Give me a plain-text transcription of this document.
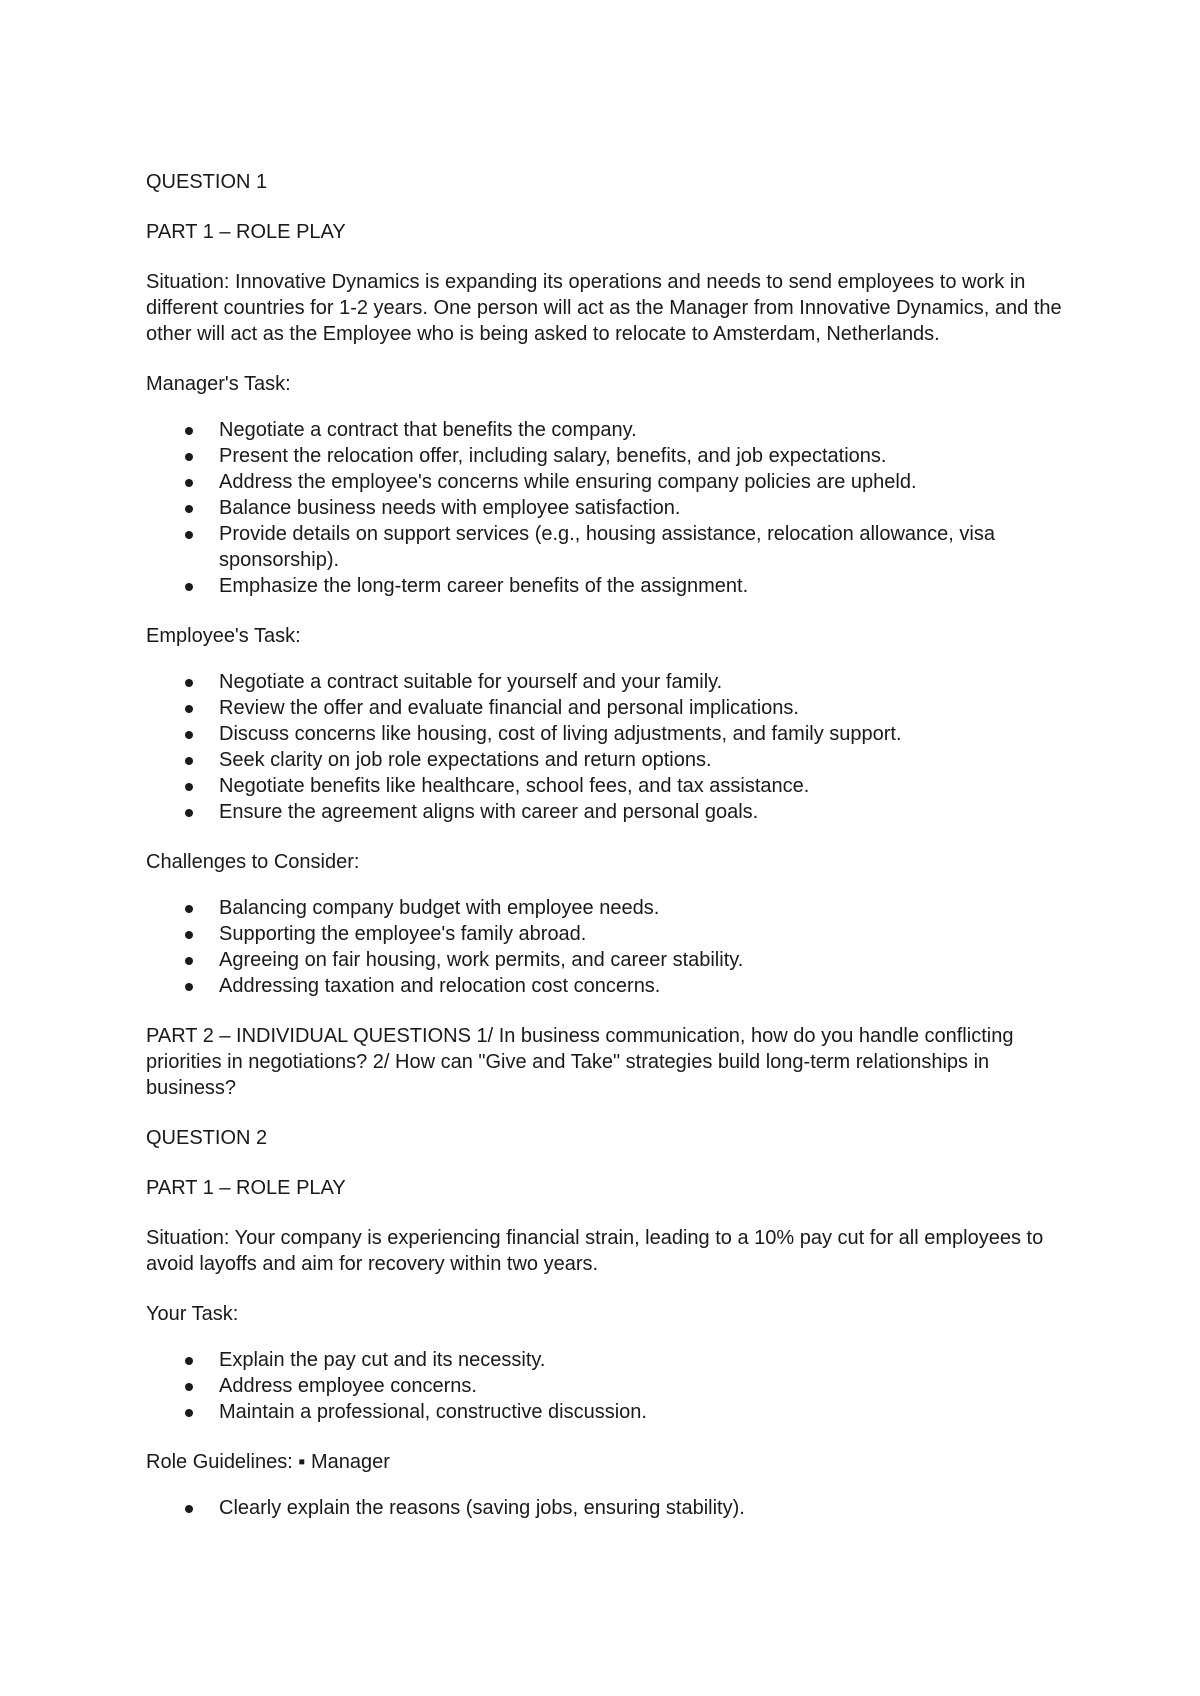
QUESTION 1

PART 1 – ROLE PLAY

Situation: Innovative Dynamics is expanding its operations and needs to send employees to work in different countries for 1-2 years. One person will act as the Manager from Innovative Dynamics, and the other will act as the Employee who is being asked to relocate to Amsterdam, Netherlands.

Manager's Task:

Negotiate a contract that benefits the company.
Present the relocation offer, including salary, benefits, and job expectations.
Address the employee's concerns while ensuring company policies are upheld.
Balance business needs with employee satisfaction.
Provide details on support services (e.g., housing assistance, relocation allowance, visa sponsorship).
Emphasize the long-term career benefits of the assignment.

Employee's Task:

Negotiate a contract suitable for yourself and your family.
Review the offer and evaluate financial and personal implications.
Discuss concerns like housing, cost of living adjustments, and family support.
Seek clarity on job role expectations and return options.
Negotiate benefits like healthcare, school fees, and tax assistance.
Ensure the agreement aligns with career and personal goals.

Challenges to Consider:

Balancing company budget with employee needs.
Supporting the employee's family abroad.
Agreeing on fair housing, work permits, and career stability.
Addressing taxation and relocation cost concerns.

PART 2 – INDIVIDUAL QUESTIONS 1/ In business communication, how do you handle conflicting priorities in negotiations? 2/ How can "Give and Take" strategies build long-term relationships in business?

QUESTION 2

PART 1 – ROLE PLAY

Situation: Your company is experiencing financial strain, leading to a 10% pay cut for all employees to avoid layoffs and aim for recovery within two years.

Your Task:

Explain the pay cut and its necessity.
Address employee concerns.
Maintain a professional, constructive discussion.

Role Guidelines: ▪ Manager

Clearly explain the reasons (saving jobs, ensuring stability).
